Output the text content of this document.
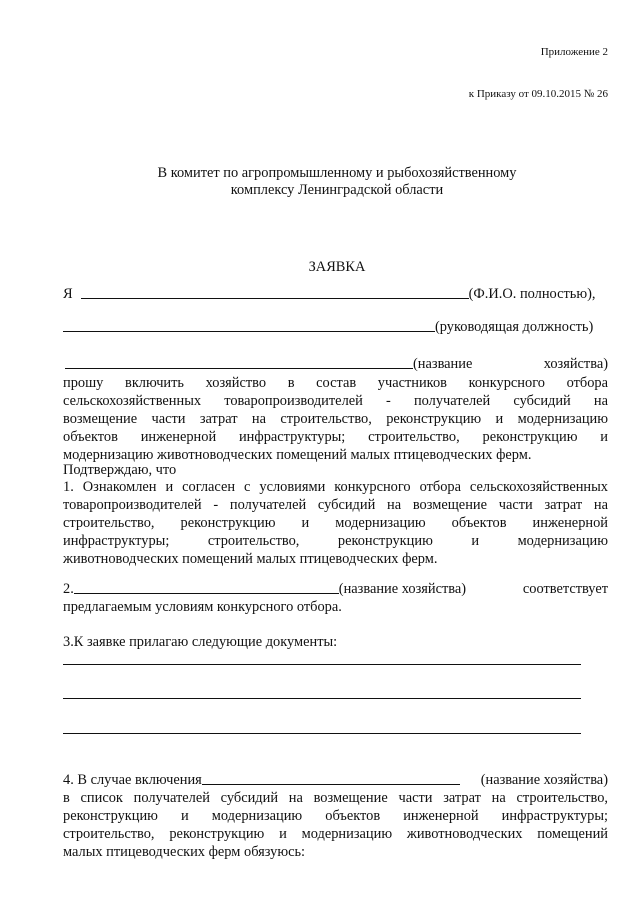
Приложение 2
к Приказу от 09.10.2015 № 26
В комитет по агропромышленному и рыбохозяйственному
комплексу Ленинградской области
ЗАЯВКА
Я	(Ф.И.О. полностью),
(руководящая должность)
(название	хозяйства)
прошу включить хозяйство в состав участников конкурсного отбора
сельскохозяйственных товаропроизводителей - получателей субсидий на
возмещение части затрат на строительство, реконструкцию и модернизацию
объектов инженерной инфраструктуры; строительство, реконструкцию и
модернизацию животноводческих помещений малых птицеводческих ферм.
Подтверждаю, что
1. Ознакомлен и согласен с условиями конкурсного отбора сельскохозяйственных
товаропроизводителей - получателей субсидий на возмещение части затрат на
строительство, реконструкцию и модернизацию объектов инженерной
инфраструктуры; строительство, реконструкцию и модернизацию
животноводческих помещений малых птицеводческих ферм.
2.	(название хозяйства)	соответствует
предлагаемым условиям конкурсного отбора.
3.К заявке прилагаю следующие документы:
4. В случае включения	(название хозяйства)
в список получателей субсидий на возмещение части затрат на строительство,
реконструкцию и модернизацию объектов инженерной инфраструктуры;
строительство, реконструкцию и модернизацию животноводческих помещений
малых птицеводческих ферм обязуюсь:
